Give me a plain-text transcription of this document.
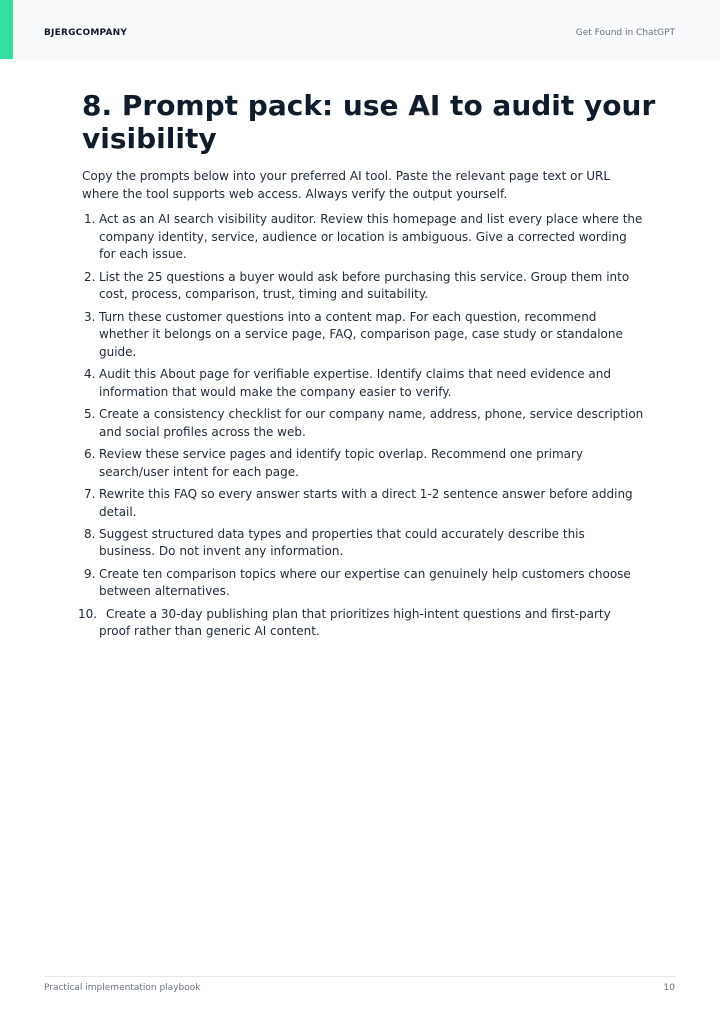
BJERGCOMPANY	Get Found in ChatGPT
8. Prompt pack: use AI to audit your visibility

Copy the prompts below into your preferred AI tool. Paste the relevant page text or URL where the tool supports web access. Always verify the output yourself.

1. Act as an AI search visibility auditor. Review this homepage and list every place where the company identity, service, audience or location is ambiguous. Give a corrected wording for each issue.
2. List the 25 questions a buyer would ask before purchasing this service. Group them into cost, process, comparison, trust, timing and suitability.
3. Turn these customer questions into a content map. For each question, recommend whether it belongs on a service page, FAQ, comparison page, case study or standalone guide.
4. Audit this About page for verifiable expertise. Identify claims that need evidence and information that would make the company easier to verify.
5. Create a consistency checklist for our company name, address, phone, service description and social profiles across the web.
6. Review these service pages and identify topic overlap. Recommend one primary search/user intent for each page.
7. Rewrite this FAQ so every answer starts with a direct 1-2 sentence answer before adding detail.
8. Suggest structured data types and properties that could accurately describe this business. Do not invent any information.
9. Create ten comparison topics where our expertise can genuinely help customers choose between alternatives.
10. Create a 30-day publishing plan that prioritizes high-intent questions and first-party proof rather than generic AI content.
Practical implementation playbook	10
